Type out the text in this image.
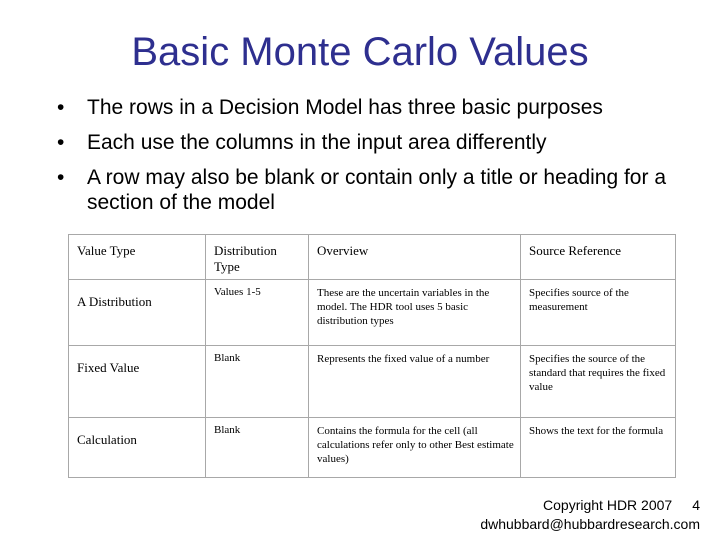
Basic Monte Carlo Values
• The rows in a Decision Model has three basic purposes
• Each use the columns in the input area differently
• A row may also be blank or contain only a title or heading for a section of the model
Value Type	Distribution Type	Overview	Source Reference
A Distribution	Values 1-5	These are the uncertain variables in the model. The HDR tool uses 5 basic distribution types	Specifies source of the measurement
Fixed Value	Blank	Represents the fixed value of a number	Specifies the source of the standard that requires the fixed value
Calculation	Blank	Contains the formula for the cell (all calculations refer only to other Best estimate values)	Shows the text for the formula
Copyright HDR 2007 4
dwhubbard@hubbardresearch.com
